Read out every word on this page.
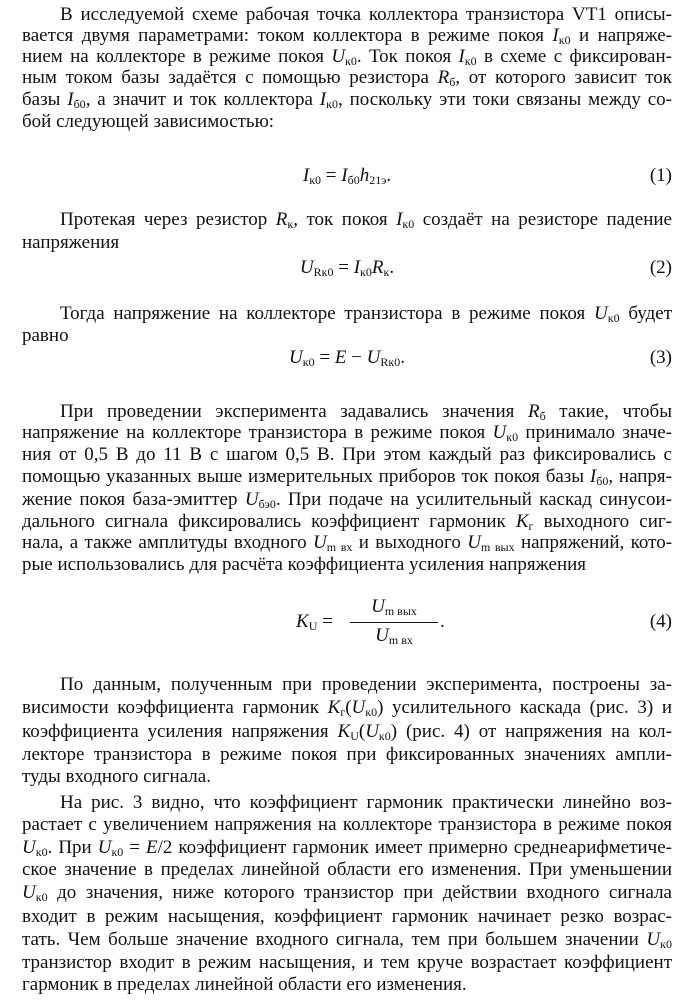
В исследуемой схеме рабочая точка коллектора транзистора VT1 описы-
вается двумя параметрами: током коллектора в режиме покоя Iк0 и напряже-
нием на коллекторе в режиме покоя Uк0. Ток покоя Iк0 в схеме с фиксирован-
ным током базы задаётся с помощью резистора Rб, от которого зависит ток
базы Iб0, а значит и ток коллектора Iк0, поскольку эти токи связаны между со-
бой следующей зависимостью:
Iк0 = Iб0h21э.	(1)
Протекая через резистор Rк, ток покоя Iк0 создаёт на резисторе падение
напряжения
URк0 = Iк0Rк.	(2)
Тогда напряжение на коллекторе транзистора в режиме покоя Uк0 будет
равно
Uк0 = E − URк0.	(3)
При проведении эксперимента задавались значения Rб такие, чтобы
напряжение на коллекторе транзистора в режиме покоя Uк0 принимало значе-
ния от 0,5 В до 11 В с шагом 0,5 В. При этом каждый раз фиксировались с
помощью указанных выше измерительных приборов ток покоя базы Iб0, напря-
жение покоя база-эмиттер Uбэ0. При подаче на усилительный каскад синусои-
дального сигнала фиксировались коэффициент гармоник Kг выходного сиг-
нала, а также амплитуды входного Um вх и выходного Um вых напряжений, кото-
рые использовались для расчёта коэффициента усиления напряжения
KU =
Um вых
Um вх
.	(4)
По данным, полученным при проведении эксперимента, построены за-
висимости коэффициента гармоник Kг(Uк0) усилительного каскада (рис. 3) и
коэффициента усиления напряжения KU(Uк0) (рис. 4) от напряжения на кол-
лекторе транзистора в режиме покоя при фиксированных значениях ампли-
туды входного сигнала.
На рис. 3 видно, что коэффициент гармоник практически линейно воз-
растает с увеличением напряжения на коллекторе транзистора в режиме покоя
Uк0. При Uк0 = E/2 коэффициент гармоник имеет примерно среднеарифметиче-
ское значение в пределах линейной области его изменения. При уменьшении
Uк0 до значения, ниже которого транзистор при действии входного сигнала
входит в режим насыщения, коэффициент гармоник начинает резко возрас-
тать. Чем больше значение входного сигнала, тем при большем значении Uк0
транзистор входит в режим насыщения, и тем круче возрастает коэффициент
гармоник в пределах линейной области его изменения.
